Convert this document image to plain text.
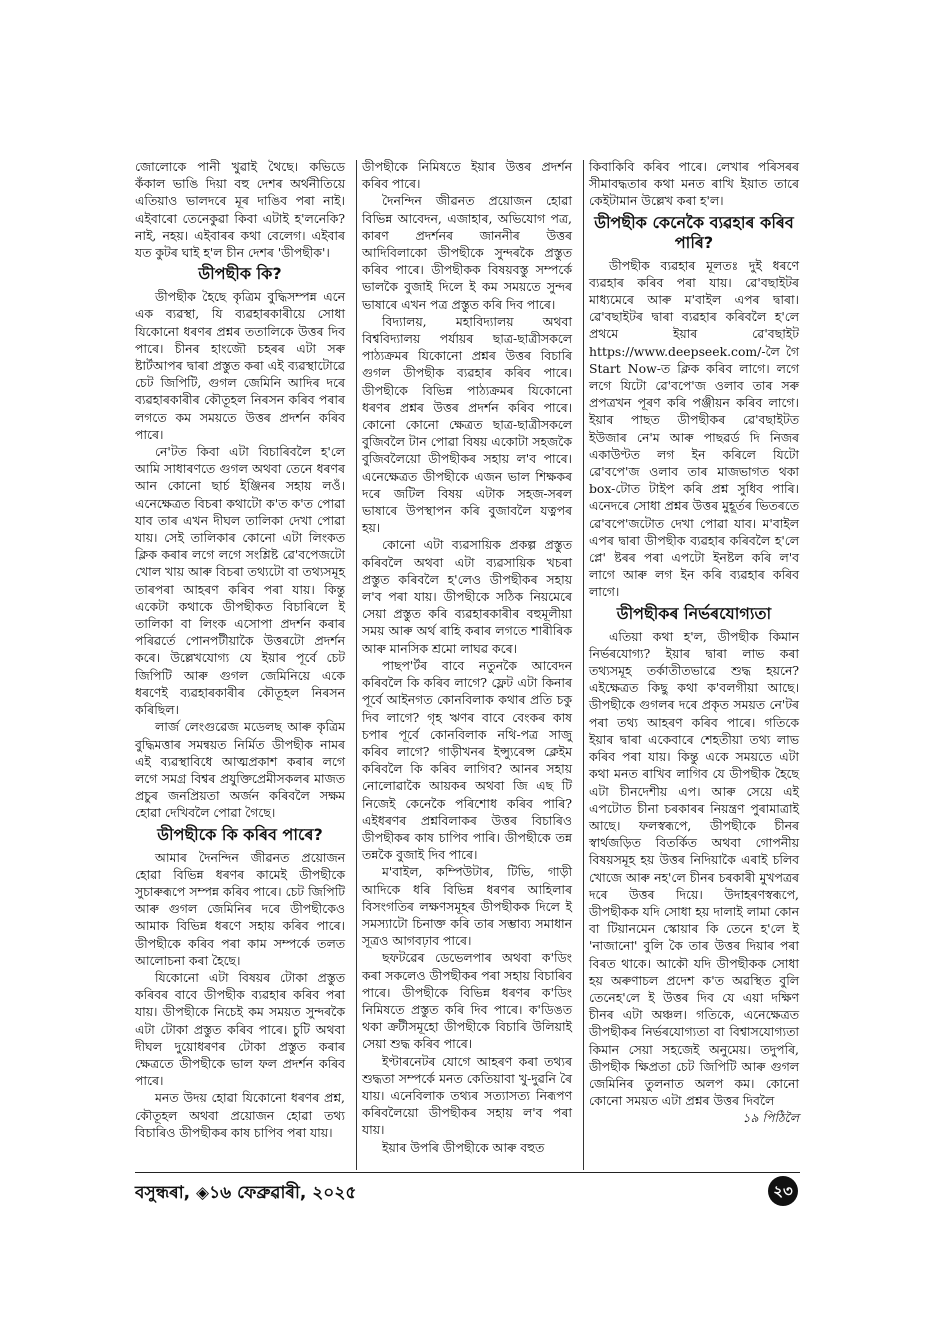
জোলোকে পানী খুৱাই থৈছে। কভিডে কঁকাল ভাঙি দিয়া বহু দেশৰ অৰ্থনীতিয়ে এতিয়াও ভালদৰে মূৰ দাঙিব পৰা নাই। এইবাৰো তেনেকুৱা কিবা এটাই হ'লনেকি? নাই, নহয়। এইবাৰৰ কথা বেলেগ। এইবাৰ যত কুটৰ ঘাই হ'ল চীন দেশৰ 'ডীপছীক'।

ডীপছীক কি?

ডীপছীক হৈছে কৃত্রিম বুদ্ধিসম্পন্ন এনে এক ব্যৱস্থা, যি ব্যৱহাৰকাৰীয়ে সোধা যিকোনো ধৰণৰ প্রশ্নৰ ততালিকে উত্তৰ দিব পাৰে। চীনৰ হাংজৌ চহৰৰ এটা সৰু ষ্টাৰ্টআপৰ দ্বাৰা প্ৰস্তুত কৰা এই ব্যৱস্থাটোৱে চেট জিপিটি, গুগল জেমিনি আদিৰ দৰে ব্যৱহাৰকাৰীৰ কৌতূহল নিৰসন কৰিব পৰাৰ লগতে কম সময়তে উত্তৰ প্রদর্শন কৰিব পাৰে।

নে'টত কিবা এটা বিচাৰিবলৈ হ'লে আমি সাধাৰণতে গুগল অথবা তেনে ধৰণৰ আন কোনো ছাৰ্চ ইঞ্জিনৰ সহায় লওঁ। এনেক্ষেত্ৰত বিচৰা কথাটো ক'ত ক'ত পোৱা যাব তাৰ এখন দীঘল তালিকা দেখা পোৱা যায়। সেই তালিকাৰ কোনো এটা লিংকত ক্লিক কৰাৰ লগে লগে সংশ্লিষ্ট ৱে'বপেজটো খোল খায় আৰু বিচৰা তথ্যটো বা তথ্যসমূহ তাৰপৰা আহৰণ কৰিব পৰা যায়। কিন্তু একেটা কথাকে ডীপছীকত বিচাৰিলে ই তালিকা বা লিংক এসোপা প্রদর্শন কৰাৰ পৰিৱৰ্তে পোনপটীয়াকৈ উত্তৰটো প্ৰদৰ্শন কৰে। উল্লেখযোগ্য যে ইয়াৰ পূৰ্বে চেট জিপিটি আৰু গুগল জেমিনিয়ে একে ধৰণেই ব্যৱহাৰকাৰীৰ কৌতূহল নিৰসন কৰিছিল।

লাৰ্জ লেংগুৱেজ মডেলছ আৰু কৃত্রিম বুদ্ধিমত্তাৰ সমন্বয়ত নিৰ্মিত ডীপছীক নামৰ এই ব্যৱস্থাবিধে আত্মপ্ৰকাশ কৰাৰ লগে লগে সমগ্র বিশ্বৰ প্রযুক্তিপ্রেমীসকলৰ মাজত প্রচুৰ জনপ্ৰিয়তা অৰ্জন কৰিবলৈ সক্ষম হোৱা দেখিবলৈ পোৱা গৈছে।

ডীপছীকে কি কৰিব পাৰে?

আমাৰ দৈনন্দিন জীৱনত প্ৰয়োজন হোৱা বিভিন্ন ধৰণৰ কামেই ডীপছীকে সুচাৰুৰূপে সম্পন্ন কৰিব পাৰে। চেট জিপিটি আৰু গুগল জেমিনিৰ দৰে ডীপছীকেও আমাক বিভিন্ন ধৰণে সহায় কৰিব পাৰে। ডীপছীকে কৰিব পৰা কাম সম্পৰ্কে তলত আলোচনা কৰা হৈছে।

যিকোনো এটা বিষয়ৰ টোকা প্ৰস্তুত কৰিবৰ বাবে ডীপছীক ব্যৱহাৰ কৰিব পৰা যায়। ডীপছীকে নিচেই কম সময়ত সুন্দৰকৈ এটা টোকা প্ৰস্তুত কৰিব পাৰে। চুটি অথবা দীঘল দুয়োধৰণৰ টোকা প্ৰস্তুত কৰাৰ ক্ষেত্ৰতে ডীপছীকে ভাল ফল প্ৰদৰ্শন কৰিব পাৰে।

মনত উদয় হোৱা যিকোনো ধৰণৰ প্ৰশ্ন, কৌতূহল অথবা প্ৰয়োজন হোৱা তথ্য বিচাৰিও ডীপছীকৰ কাষ চাপিব পৰা যায়।

ডীপছীকে নিমিষতে ইয়াৰ উত্তৰ প্ৰদৰ্শন কৰিব পাৰে।

দৈনন্দিন জীৱনত প্ৰয়োজন হোৱা বিভিন্ন আবেদন, এজাহাৰ, অভিযোগ পত্ৰ, কাৰণ প্ৰদৰ্শনৰ জাননীৰ উত্তৰ আদিবিলাকো ডীপছীকে সুন্দৰকৈ প্ৰস্তুত কৰিব পাৰে। ডীপছীকক বিষয়বস্তু সম্পৰ্কে ভালকৈ বুজাই দিলে ই কম সময়তে সুন্দৰ ভাষাৰে এখন পত্ৰ প্ৰস্তুত কৰি দিব পাৰে।

বিদ্যালয়, মহাবিদ্যালয় অথবা বিশ্ববিদ্যালয় পৰ্যায়ৰ ছাত্ৰ-ছাত্ৰীসকলে পাঠ্যক্ৰমৰ যিকোনো প্ৰশ্নৰ উত্তৰ বিচাৰি গুগল ডীপছীক ব্যৱহাৰ কৰিব পাৰে। ডীপছীকে বিভিন্ন পাঠ্যক্ৰমৰ যিকোনো ধৰণৰ প্ৰশ্নৰ উত্তৰ প্ৰদৰ্শন কৰিব পাৰে। কোনো কোনো ক্ষেত্ৰত ছাত্ৰ-ছাত্ৰীসকলে বুজিবলৈ টান পোৱা বিষয় একোটা সহজকৈ বুজিবলৈয়ো ডীপছীকৰ সহায় ল'ব পাৰে। এনেক্ষেত্ৰত ডীপছীকে এজন ভাল শিক্ষকৰ দৰে জটিল বিষয় এটাক সহজ-সৰল ভাষাৰে উপস্থাপন কৰি বুজাবলৈ যত্নপৰ হয়।

কোনো এটা ব্যৱসায়িক প্ৰকল্প প্ৰস্তুত কৰিবলৈ অথবা এটা ব্যৱসায়িক খচৰা প্ৰস্তুত কৰিবলৈ হ'লেও ডীপছীকৰ সহায় ল'ব পৰা যায়। ডীপছীকে সঠিক নিয়মেৰে সেয়া প্ৰস্তুত কৰি ব্যৱহাৰকাৰীৰ বহুমূলীয়া সময় আৰু অৰ্থ ৰাহি কৰাৰ লগতে শাৰীৰিক আৰু মানসিক শ্ৰমো লাঘৱ কৰে।

পাছপ'ৰ্টৰ বাবে নতুনকৈ আবেদন কৰিবলৈ কি কৰিব লাগে? ফ্লেট এটা কিনাৰ পূৰ্বে আইনগত কোনবিলাক কথাৰ প্ৰতি চকু দিব লাগে? গৃহ ঋণৰ বাবে বেংকৰ কাষ চপাৰ পূৰ্বে কোনবিলাক নথি-পত্ৰ সাজু কৰিব লাগে? গাড়ীখনৰ ইন্স্যুৰেন্স ক্লেইম কৰিবলৈ কি কৰিব লাগিব? আনৰ সহায় নোলোৱাকৈ আয়কৰ অথবা জি এছ টি নিজেই কেনেকৈ পৰিশোধ কৰিব পাৰি? এইধৰণৰ প্ৰশ্নবিলাকৰ উত্তৰ বিচাৰিও ডীপছীকৰ কাষ চাপিব পাৰি। ডীপছীকে তন্ন তন্নকৈ বুজাই দিব পাৰে।

ম'বাইল, কম্পিউটাৰ, টিভি, গাড়ী আদিকে ধৰি বিভিন্ন ধৰণৰ আহিলাৰ বিসংগতিৰ লক্ষণসমূহৰ ডীপছীকক দিলে ই সমস্যাটো চিনাক্ত কৰি তাৰ সম্ভাব্য সমাধান সূত্ৰও আগবঢ়াব পাৰে।

ছফটৱেৰ ডেভেলপাৰ অথবা ক'ডিং কৰা সকলেও ডীপছীকৰ পৰা সহায় বিচাৰিব পাৰে। ডীপছীকে বিভিন্ন ধৰণৰ ক'ডিং নিমিষতে প্ৰস্তুত কৰি দিব পাৰে। ক'ডিঙত থকা ক্ৰটীসমূহো ডীপছীকে বিচাৰি উলিয়াই সেয়া শুদ্ধ কৰিব পাৰে।

ইণ্টাৰনেটৰ যোগে আহৰণ কৰা তথ্যৰ শুদ্ধতা সম্পৰ্কে মনত কেতিয়াবা খু-দুৱনি ৰৈ যায়। এনেবিলাক তথ্যৰ সত্যাসত্য নিৰূপণ কৰিবলৈয়ো ডীপছীকৰ সহায় ল'ব পৰা যায়।

ইয়াৰ উপৰি ডীপছীকে আৰু বহুত

কিবাকিবি কৰিব পাৰে। লেখাৰ পৰিসৰৰ সীমাবদ্ধতাৰ কথা মনত ৰাখি ইয়াত তাৰে কেইটামান উল্লেখ কৰা হ'ল।

ডীপছীক কেনেকৈ ব্যৱহাৰ কৰিব পাৰি?

ডীপছীক ব্যৱহাৰ মূলতঃ দুই ধৰণে ব্যৱহাৰ কৰিব পৰা যায়। ৱে'বছাইটৰ মাধ্যমেৰে আৰু ম'বাইল এপৰ দ্বাৰা। ৱে'বছাইটৰ দ্বাৰা ব্যৱহাৰ কৰিবলৈ হ'লে প্ৰথমে ইয়াৰ ৱে'বছাইট https://www.deepseek.com/-লৈ গৈ Start Now-ত ক্লিক কৰিব লাগে। লগে লগে যিটো ৱে'বপে'জ ওলাব তাৰ সৰু প্ৰপত্ৰখন পূৰণ কৰি পঞ্জীয়ন কৰিব লাগে। ইয়াৰ পাছত ডীপছীকৰ ৱে'বছাইটত ইউজাৰ নে'ম আৰু পাছৱৰ্ড দি নিজৰ একাউণ্টত লগ ইন কৰিলে যিটো ৱে'বপে'জ ওলাব তাৰ মাজভাগত থকা box-টোত টাইপ কৰি প্ৰশ্ন সুধিব পাৰি। এনেদৰে সোধা প্ৰশ্নৰ উত্তৰ মুহূৰ্তৰ ভিতৰতে ৱে'বপে'জটোত দেখা পোৱা যাব। ম'বাইল এপৰ দ্বাৰা ডীপছীক ব্যৱহাৰ কৰিবলৈ হ'লে প্লে' ষ্টৰৰ পৰা এপটো ইনষ্টল কৰি ল'ব লাগে আৰু লগ ইন কৰি ব্যৱহাৰ কৰিব লাগে।

ডীপছীকৰ নিৰ্ভৰযোগ্যতা

এতিয়া কথা হ'ল, ডীপছীক কিমান নিৰ্ভৰযোগ্য? ইয়াৰ দ্বাৰা লাভ কৰা তথ্যসমূহ তৰ্কাতীতভাৱে শুদ্ধ হয়নে? এইক্ষেত্ৰত কিছু কথা ক'বলগীয়া আছে। ডীপছীকে গুগলৰ দৰে প্ৰকৃত সময়ত নে'টৰ পৰা তথ্য আহৰণ কৰিব পাৰে। গতিকে ইয়াৰ দ্বাৰা একেবাৰে শেহতীয়া তথ্য লাভ কৰিব পৰা যায়। কিন্তু একে সময়তে এটা কথা মনত ৰাখিব লাগিব যে ডীপছীক হৈছে এটা চীনদেশীয় এপ। আৰু সেয়ে এই এপটোত চীনা চৰকাৰৰ নিয়ন্ত্ৰণ পুৰামাত্ৰাই আছে। ফলস্বৰূপে, ডীপছীকে চীনৰ স্বাৰ্থজড়িত বিতৰ্কিত অথবা গোপনীয় বিষয়সমূহ হয় উত্তৰ নিদিয়াকৈ এৰাই চলিব খোজে আৰু নহ'লে চীনৰ চৰকাৰী মুখপত্ৰৰ দৰে উত্তৰ দিয়ে। উদাহৰণস্বৰূপে, ডীপছীকক যদি সোধা হয় দালাই লামা কোন বা টিয়ানমেন স্কোয়াৰ কি তেনে হ'লে ই 'নাজানো' বুলি কৈ তাৰ উত্তৰ দিয়াৰ পৰা বিৰত থাকে। আকৌ যদি ডীপছীকক সোধা হয় অৰুণাচল প্ৰদেশ ক'ত অৱস্থিত বুলি তেনেহ'লে ই উত্তৰ দিব যে এয়া দক্ষিণ চীনৰ এটা অঞ্চল। গতিকে, এনেক্ষেত্ৰত ডীপছীকৰ নিৰ্ভৰযোগ্যতা বা বিশ্বাসযোগ্যতা কিমান সেয়া সহজেই অনুমেয়। তদুপৰি, ডীপছীক ক্ষিপ্ৰতা চেট জিপিটি আৰু গুগল জেমিনিৰ তুলনাত অলপ কম। কোনো কোনো সময়ত এটা প্ৰশ্নৰ উত্তৰ দিবলৈ

১৯ পিঠিলৈ

বসুন্ধৰা, ◈১৬ ফেব্ৰুৱাৰী, ২০২৫	২৩
